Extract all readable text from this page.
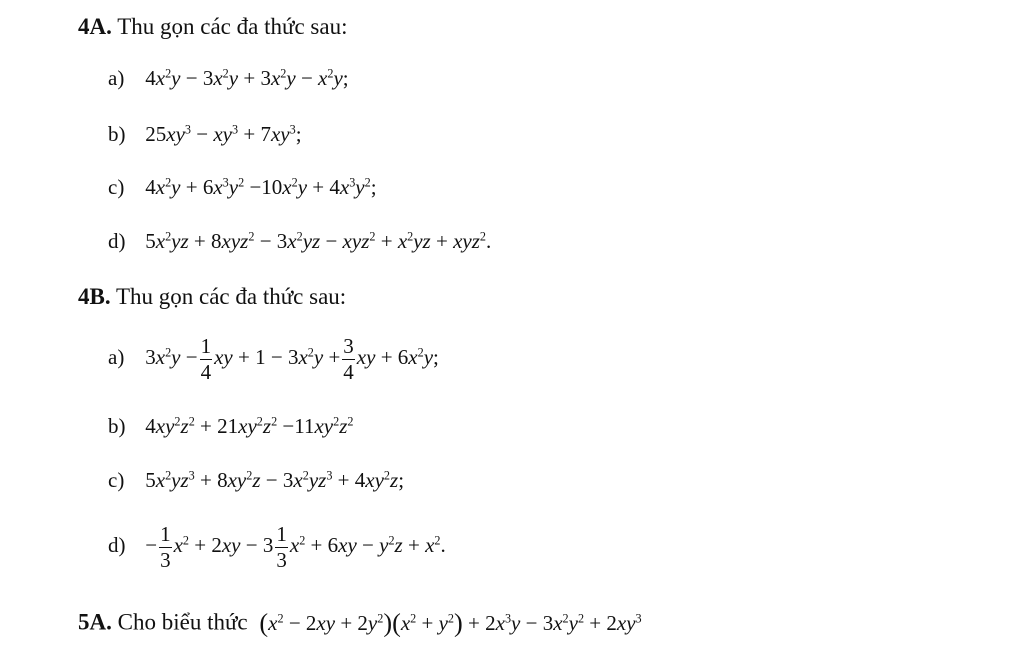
4A. Thu gọn các đa thức sau:
a) $4x^2y - 3x^2y + 3x^2y - x^2y$;
b) $25xy^3 - xy^3 + 7xy^3$;
c) $4x^2y + 6x^3y^2 -10x^2y + 4x^3y^2$;
d) $5x^2yz + 8xyz^2 - 3x^2yz - xyz^2 + x^2yz + xyz^2$.
4B. Thu gọn các đa thức sau:
a) $3x^2y - \frac{1}{4}$ xy + $1 - 3x^2y + \frac{3}{4}$ xy + $6x^2y$;
b) $4xy^2z^2 + 21xy^2z^2 -11xy^2z^2$
c) $5x^2yz^3 + 8xy^2z - 3x^2yz^3 + 4xy^2z$;
$d) - \frac{1}{3} x^2 + 2xy - 3 \frac{1}{3} x^2 + 6xy - y^2z + x^2$.
5A. Cho biểu thức $(x^2 - 2xy + 2y^2)(x^2 + y^2) + 2x^3y - 3x^2y^2 + 2xy^3$
